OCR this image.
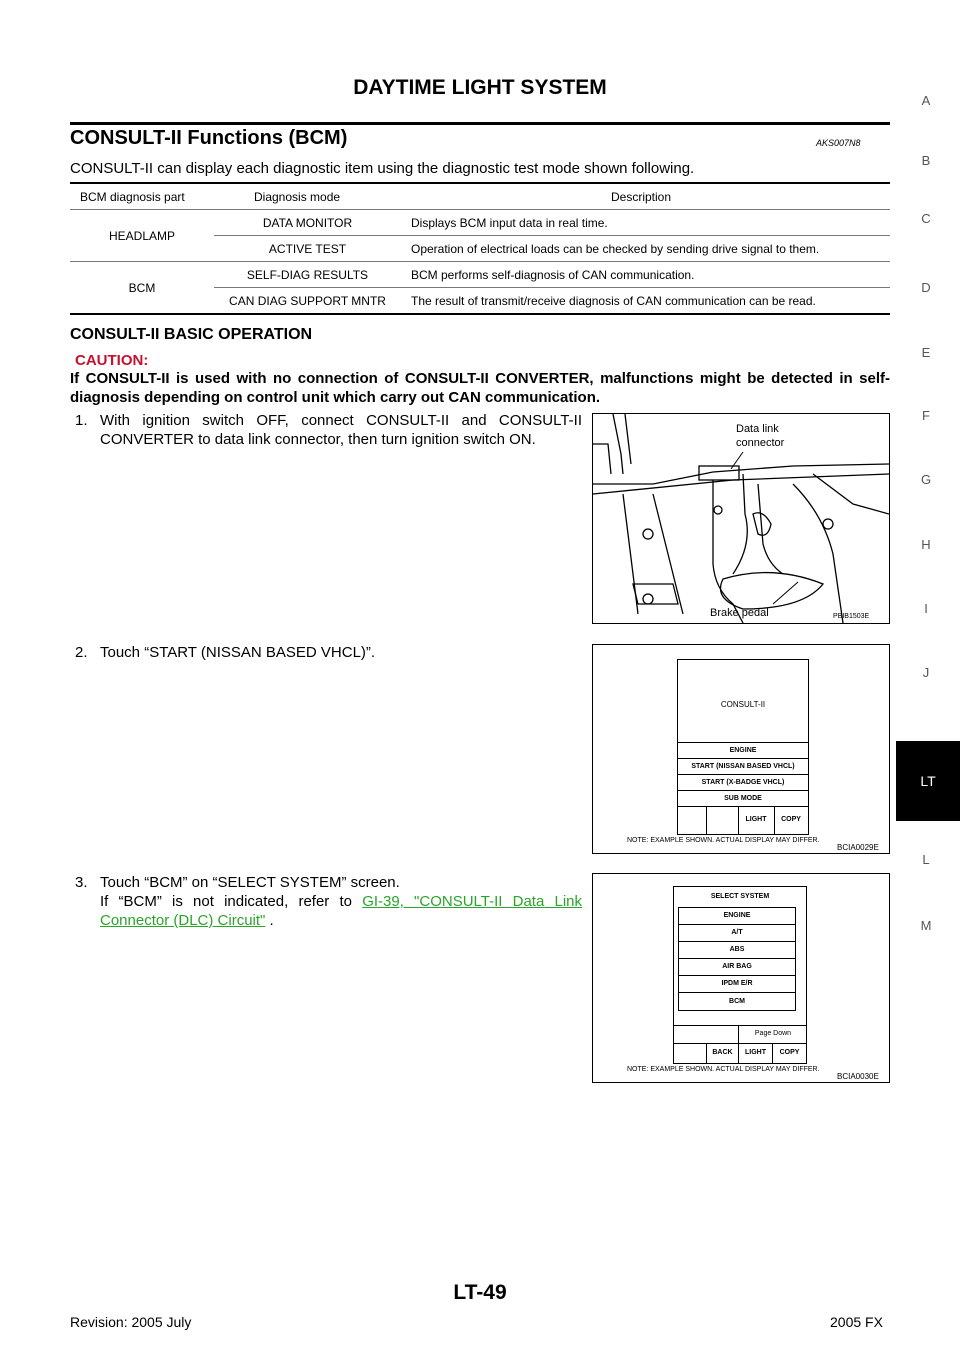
DAYTIME LIGHT SYSTEM
CONSULT-II Functions (BCM)	AKS007N8
CONSULT-II can display each diagnostic item using the diagnostic test mode shown following.
BCM diagnosis part	Diagnosis mode	Description
HEADLAMP	DATA MONITOR	Displays BCM input data in real time.
	ACTIVE TEST	Operation of electrical loads can be checked by sending drive signal to them.
BCM	SELF-DIAG RESULTS	BCM performs self-diagnosis of CAN communication.
	CAN DIAG SUPPORT MNTR	The result of transmit/receive diagnosis of CAN communication can be read.
CONSULT-II BASIC OPERATION
CAUTION:
If CONSULT-II is used with no connection of CONSULT-II CONVERTER, malfunctions might be detected in self-diagnosis depending on control unit which carry out CAN communication.
1. With ignition switch OFF, connect CONSULT-II and CONSULT-II CONVERTER to data link connector, then turn ignition switch ON.
2. Touch “START (NISSAN BASED VHCL)”.
3. Touch “BCM” on “SELECT SYSTEM” screen.
If “BCM” is not indicated, refer to GI-39, "CONSULT-II Data Link Connector (DLC) Circuit" .
Data link
connector
Brake pedal	PBIB1503E
CONSULT-II
ENGINE
START (NISSAN BASED VHCL)
START (X-BADGE VHCL)
SUB MODE
LIGHT	COPY
NOTE: EXAMPLE SHOWN. ACTUAL DISPLAY MAY DIFFER.
BCIA0029E
SELECT SYSTEM
ENGINE
A/T
ABS
AIR BAG
IPDM E/R
BCM
Page Down
BACK	LIGHT	COPY
NOTE: EXAMPLE SHOWN. ACTUAL DISPLAY MAY DIFFER.
BCIA0030E
A
B
C
D
E
F
G
H
I
J
LT
L
M
LT-49
Revision: 2005 July	2005 FX
